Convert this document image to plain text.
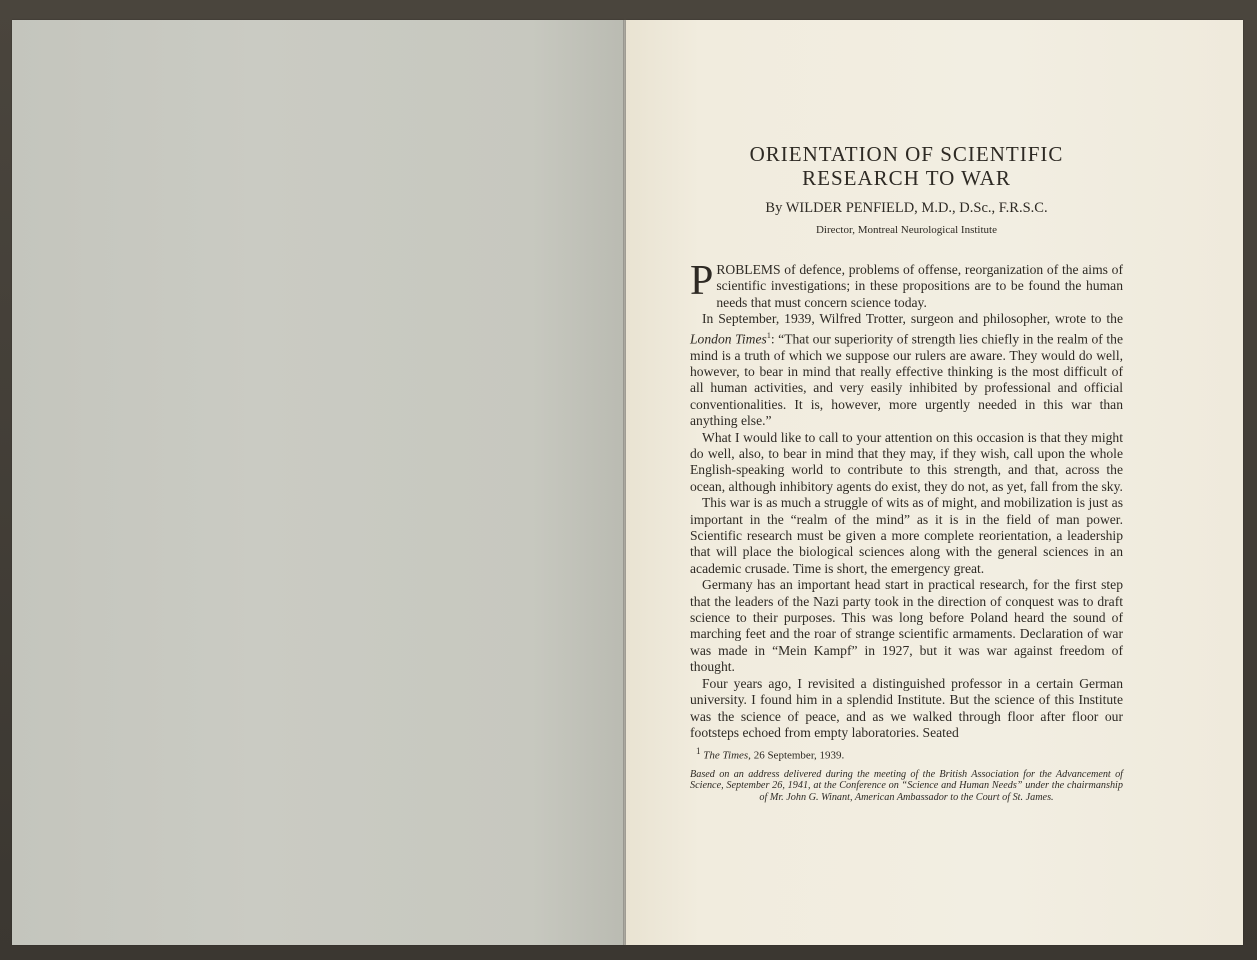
ORIENTATION OF SCIENTIFIC
RESEARCH TO WAR
By WILDER PENFIELD, M.D., D.Sc., F.R.S.C.
Director, Montreal Neurological Institute

PROBLEMS of defence, problems of offense, reorganization of the aims of scientific investigations; in these propositions are to be found the human needs that must concern science today.

In September, 1939, Wilfred Trotter, surgeon and philosopher, wrote to the London Times$^1$: “That our superiority of strength lies chiefly in the realm of the mind is a truth of which we suppose our rulers are aware. They would do well, however, to bear in mind that really effective thinking is the most difficult of all human activities, and very easily inhibited by professional and official conventionalities. It is, however, more urgently needed in this war than anything else.”

What I would like to call to your attention on this occasion is that they might do well, also, to bear in mind that they may, if they wish, call upon the whole English-speaking world to contribute to this strength, and that, across the ocean, although inhibitory agents do exist, they do not, as yet, fall from the sky.

This war is as much a struggle of wits as of might, and mobilization is just as important in the “realm of the mind” as it is in the field of man power. Scientific research must be given a more complete reorientation, a leadership that will place the biological sciences along with the general sciences in an academic crusade. Time is short, the emergency great.

Germany has an important head start in practical research, for the first step that the leaders of the Nazi party took in the direction of conquest was to draft science to their purposes. This was long before Poland heard the sound of marching feet and the roar of strange scientific armaments. Declaration of war was made in “Mein Kampf” in 1927, but it was war against freedom of thought.

Four years ago, I revisited a distinguished professor in a certain German university. I found him in a splendid Institute. But the science of this Institute was the science of peace, and as we walked through floor after floor our footsteps echoed from empty laboratories. Seated

$^1$ The Times, 26 September, 1939.
Based on an address delivered during the meeting of the British Association for the Advancement of Science, September 26, 1941, at the Conference on “Science and Human Needs” under the chairmanship of Mr. John G. Winant, American Ambassador to the Court of St. James.
